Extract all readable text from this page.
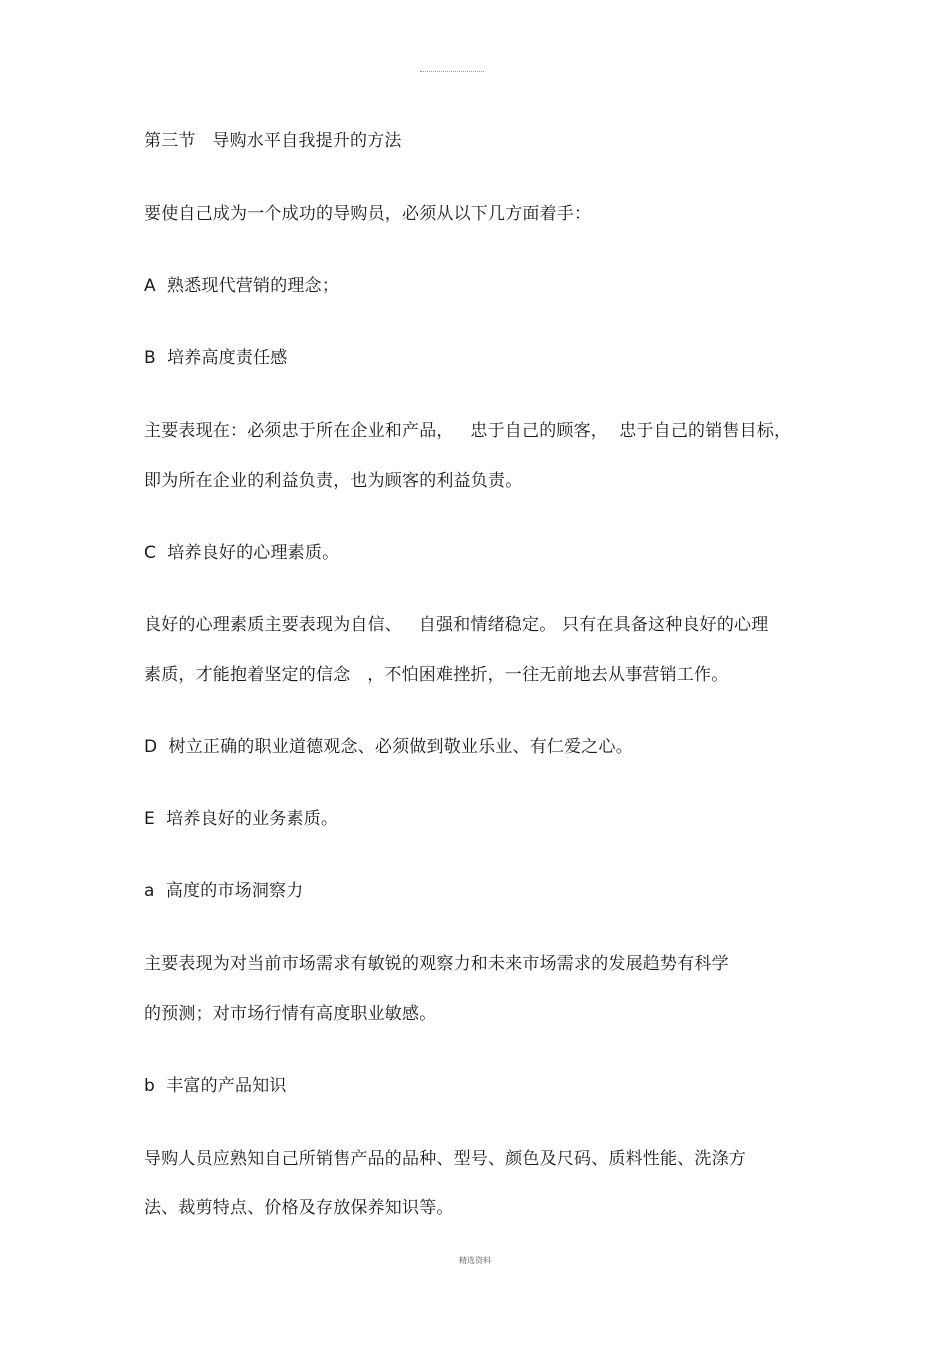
第三节   导购水平自我提升的方法
要使自己成为一个成功的导购员，必须从以下几方面着手：
A  熟悉现代营销的理念；
B  培养高度责任感
主要表现在：必须忠于所在企业和产品，   忠于自己的顾客，  忠于自己的销售目标，
即为所在企业的利益负责，也为顾客的利益负责。
C  培养良好的心理素质。
良好的心理素质主要表现为自信、   自强和情绪稳定。 只有在具备这种良好的心理
素质，才能抱着坚定的信念   ，不怕困难挫折，一往无前地去从事营销工作。
D  树立正确的职业道德观念、必须做到敬业乐业、有仁爱之心。
E  培养良好的业务素质。
a  高度的市场洞察力
主要表现为对当前市场需求有敏锐的观察力和未来市场需求的发展趋势有科学
的预测；对市场行情有高度职业敏感。
b  丰富的产品知识
导购人员应熟知自己所销售产品的品种、型号、颜色及尺码、质料性能、洗涤方
法、裁剪特点、价格及存放保养知识等。
精选资料
